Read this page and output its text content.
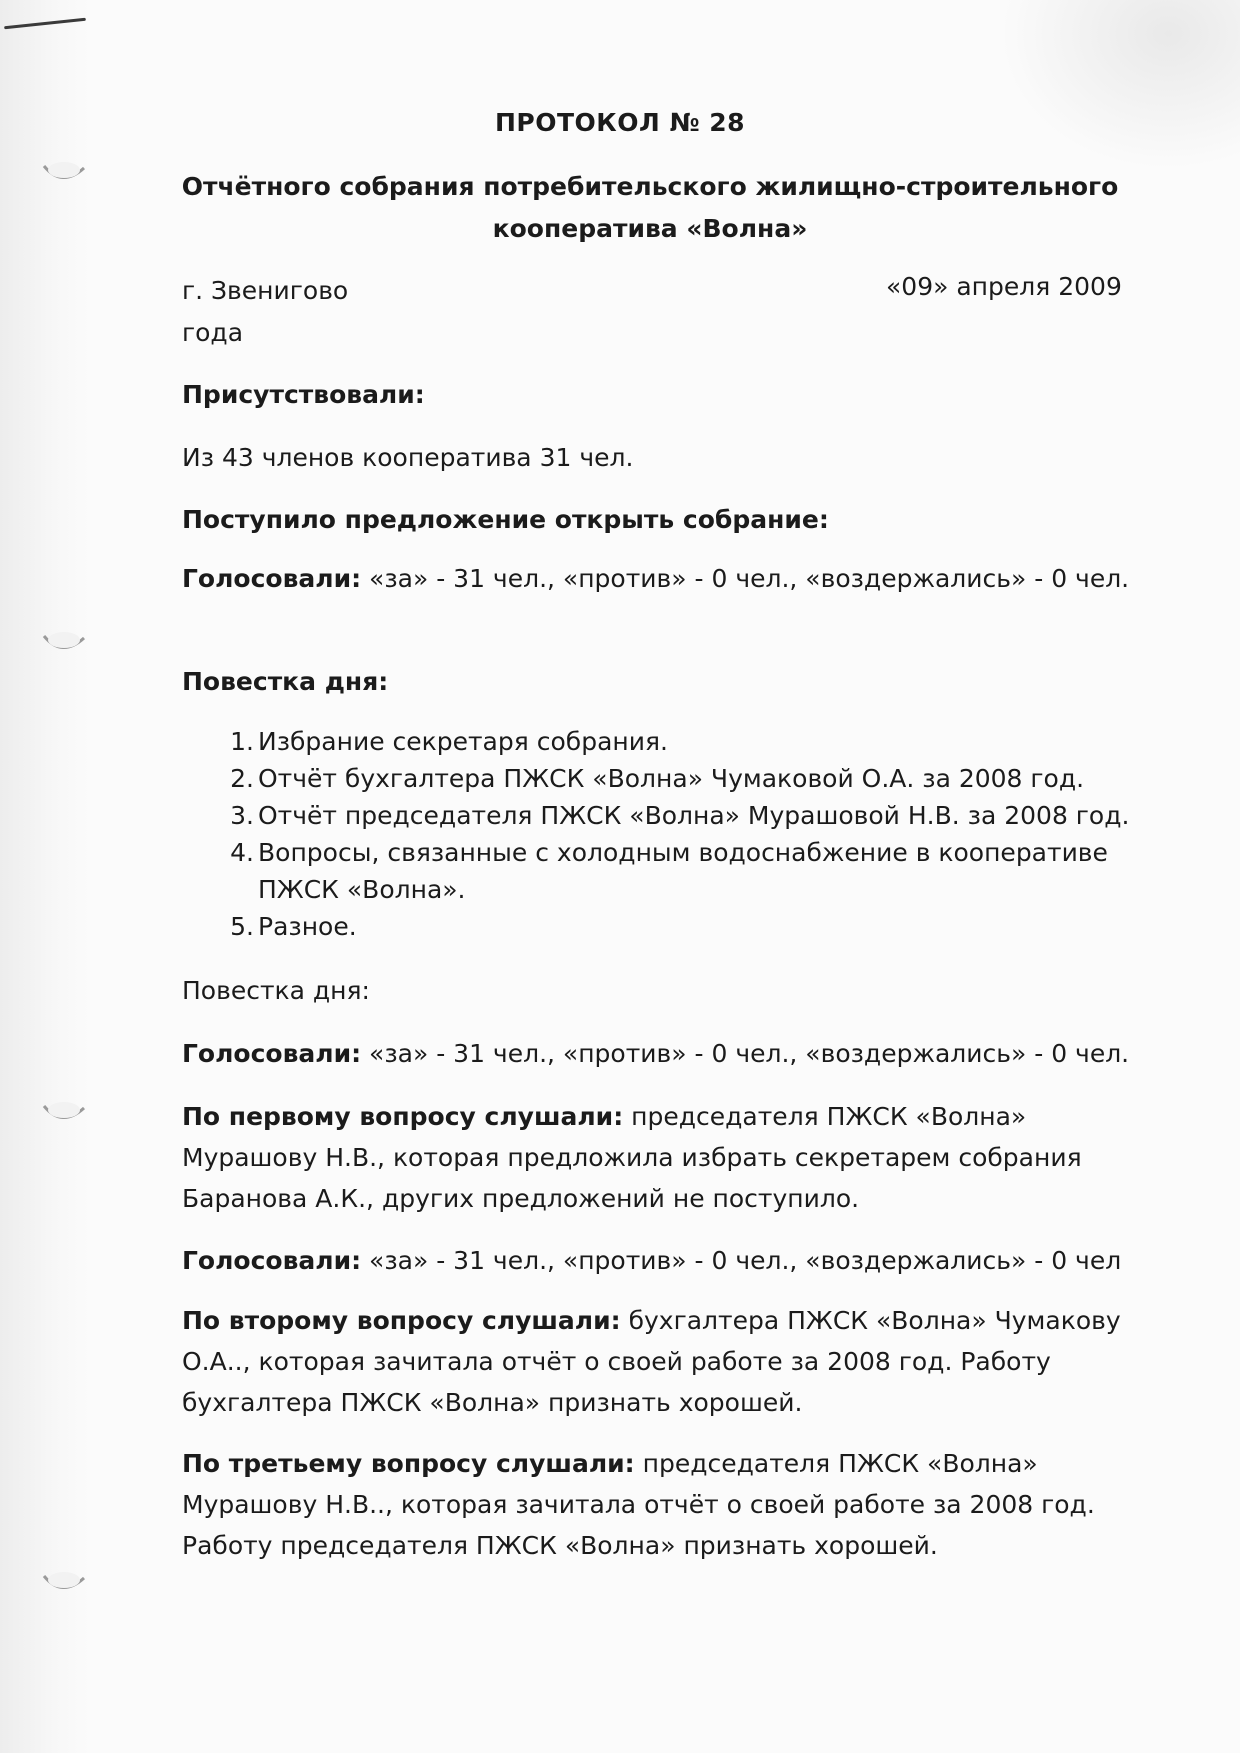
ПРОТОКОЛ № 28
Отчётного собрания потребительского жилищно-строительного
кооператива «Волна»
г. Звенигово	«09» апреля 2009
года
Присутствовали:
Из 43 членов кооператива 31 чел.
Поступило предложение открыть собрание:
Голосовали: «за» - 31 чел., «против» - 0 чел., «воздержались» - 0 чел.
Повестка дня:
1. Избрание секретаря собрания.
2. Отчёт бухгалтера ПЖСК «Волна» Чумаковой О.А. за 2008 год.
3. Отчёт председателя ПЖСК «Волна» Мурашовой Н.В. за 2008 год.
4. Вопросы, связанные с холодным водоснабжение в кооперативе ПЖСК «Волна».
5. Разное.
Повестка дня:
Голосовали: «за» - 31 чел., «против» - 0 чел., «воздержались» - 0 чел.
По первому вопросу слушали: председателя ПЖСК «Волна» Мурашову Н.В., которая предложила избрать секретарем собрания Баранова А.К., других предложений не поступило.
Голосовали: «за» - 31 чел., «против» - 0 чел., «воздержались» - 0 чел
По второму вопросу слушали: бухгалтера ПЖСК «Волна» Чумакову О.А.., которая зачитала отчёт о своей работе за 2008 год. Работу бухгалтера ПЖСК «Волна» признать хорошей.
По третьему вопросу слушали: председателя ПЖСК «Волна» Мурашову Н.В.., которая зачитала отчёт о своей работе за 2008 год. Работу председателя ПЖСК «Волна» признать хорошей.
